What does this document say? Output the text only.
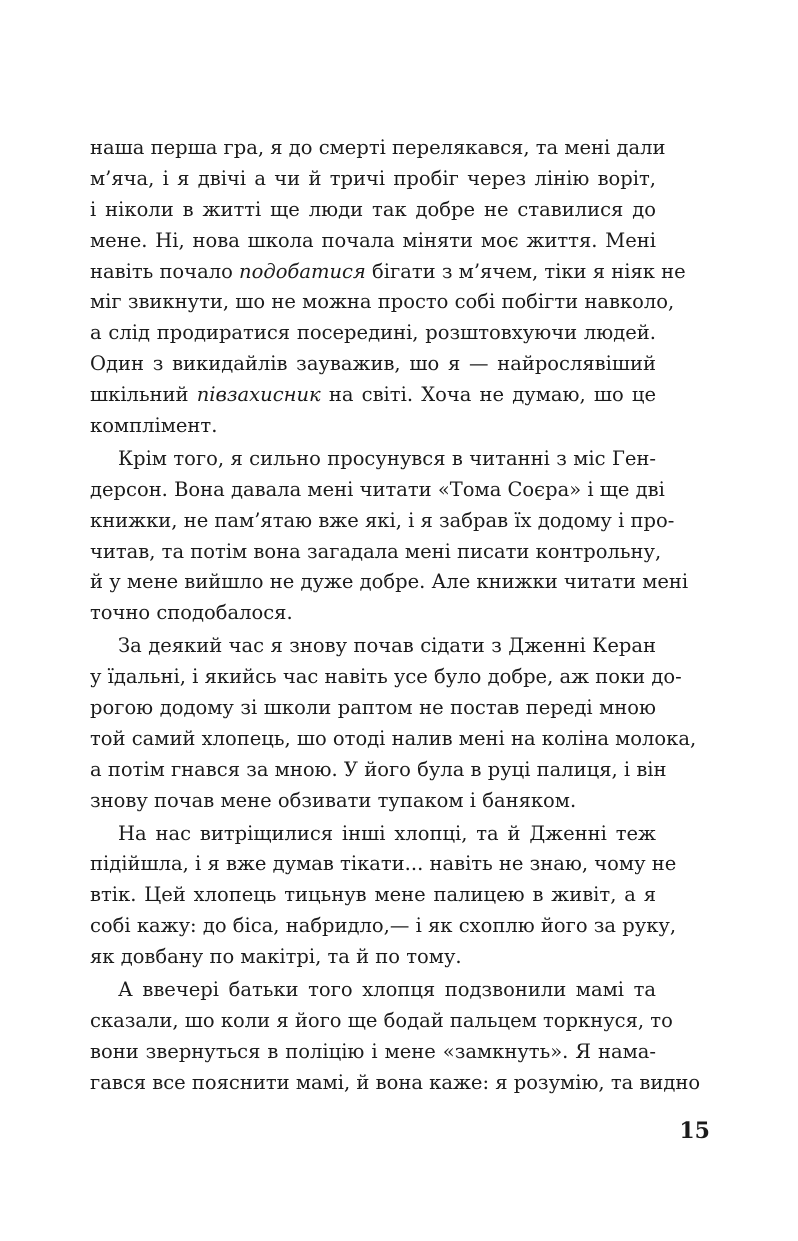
наша перша гра, я до смерті перелякався, та мені дали
м’яча, і я двічі а чи й тричі пробіг через лінію воріт,
і ніколи в житті ще люди так добре не ставилися до
мене. Ні, нова школа почала міняти моє життя. Мені
навіть почало подобатися бігати з м’ячем, тіки я ніяк не
міг звикнути, шо не можна просто собі побігти навколо,
а слід продиратися посередині, розштовхуючи людей.
Один з викидайлів зауважив, шо я — найрослявіший
шкільний півзахисник на світі. Хоча не думаю, шо це
комплімент.
Крім того, я сильно просунувся в читанні з міс Ген-
дерсон. Вона давала мені читати «Тома Соєра» і ще дві
книжки, не пам’ятаю вже які, і я забрав їх додому і про-
читав, та потім вона загадала мені писати контрольну,
й у мене вийшло не дуже добре. Але книжки читати мені
точно сподобалося.
За деякий час я знову почав сідати з Дженні Керан
у їдальні, і якийсь час навіть усе було добре, аж поки до-
рогою додому зі школи раптом не постав переді мною
той самий хлопець, шо отоді налив мені на коліна молока,
а потім гнався за мною. У його була в руці палиця, і він
знову почав мене обзивати тупаком і баняком.
На нас витріщилися інші хлопці, та й Дженні теж
підійшла, і я вже думав тікати... навіть не знаю, чому не
втік. Цей хлопець тицьнув мене палицею в живіт, а я
собі кажу: до біса, набридло,— і як схоплю його за руку,
як довбану по макітрі, та й по тому.
А ввечері батьки того хлопця подзвонили мамі та
сказали, шо коли я його ще бодай пальцем торкнуся, то
вони звернуться в поліцію і мене «замкнуть». Я нама-
гався все пояснити мамі, й вона каже: я розумію, та видно
15
